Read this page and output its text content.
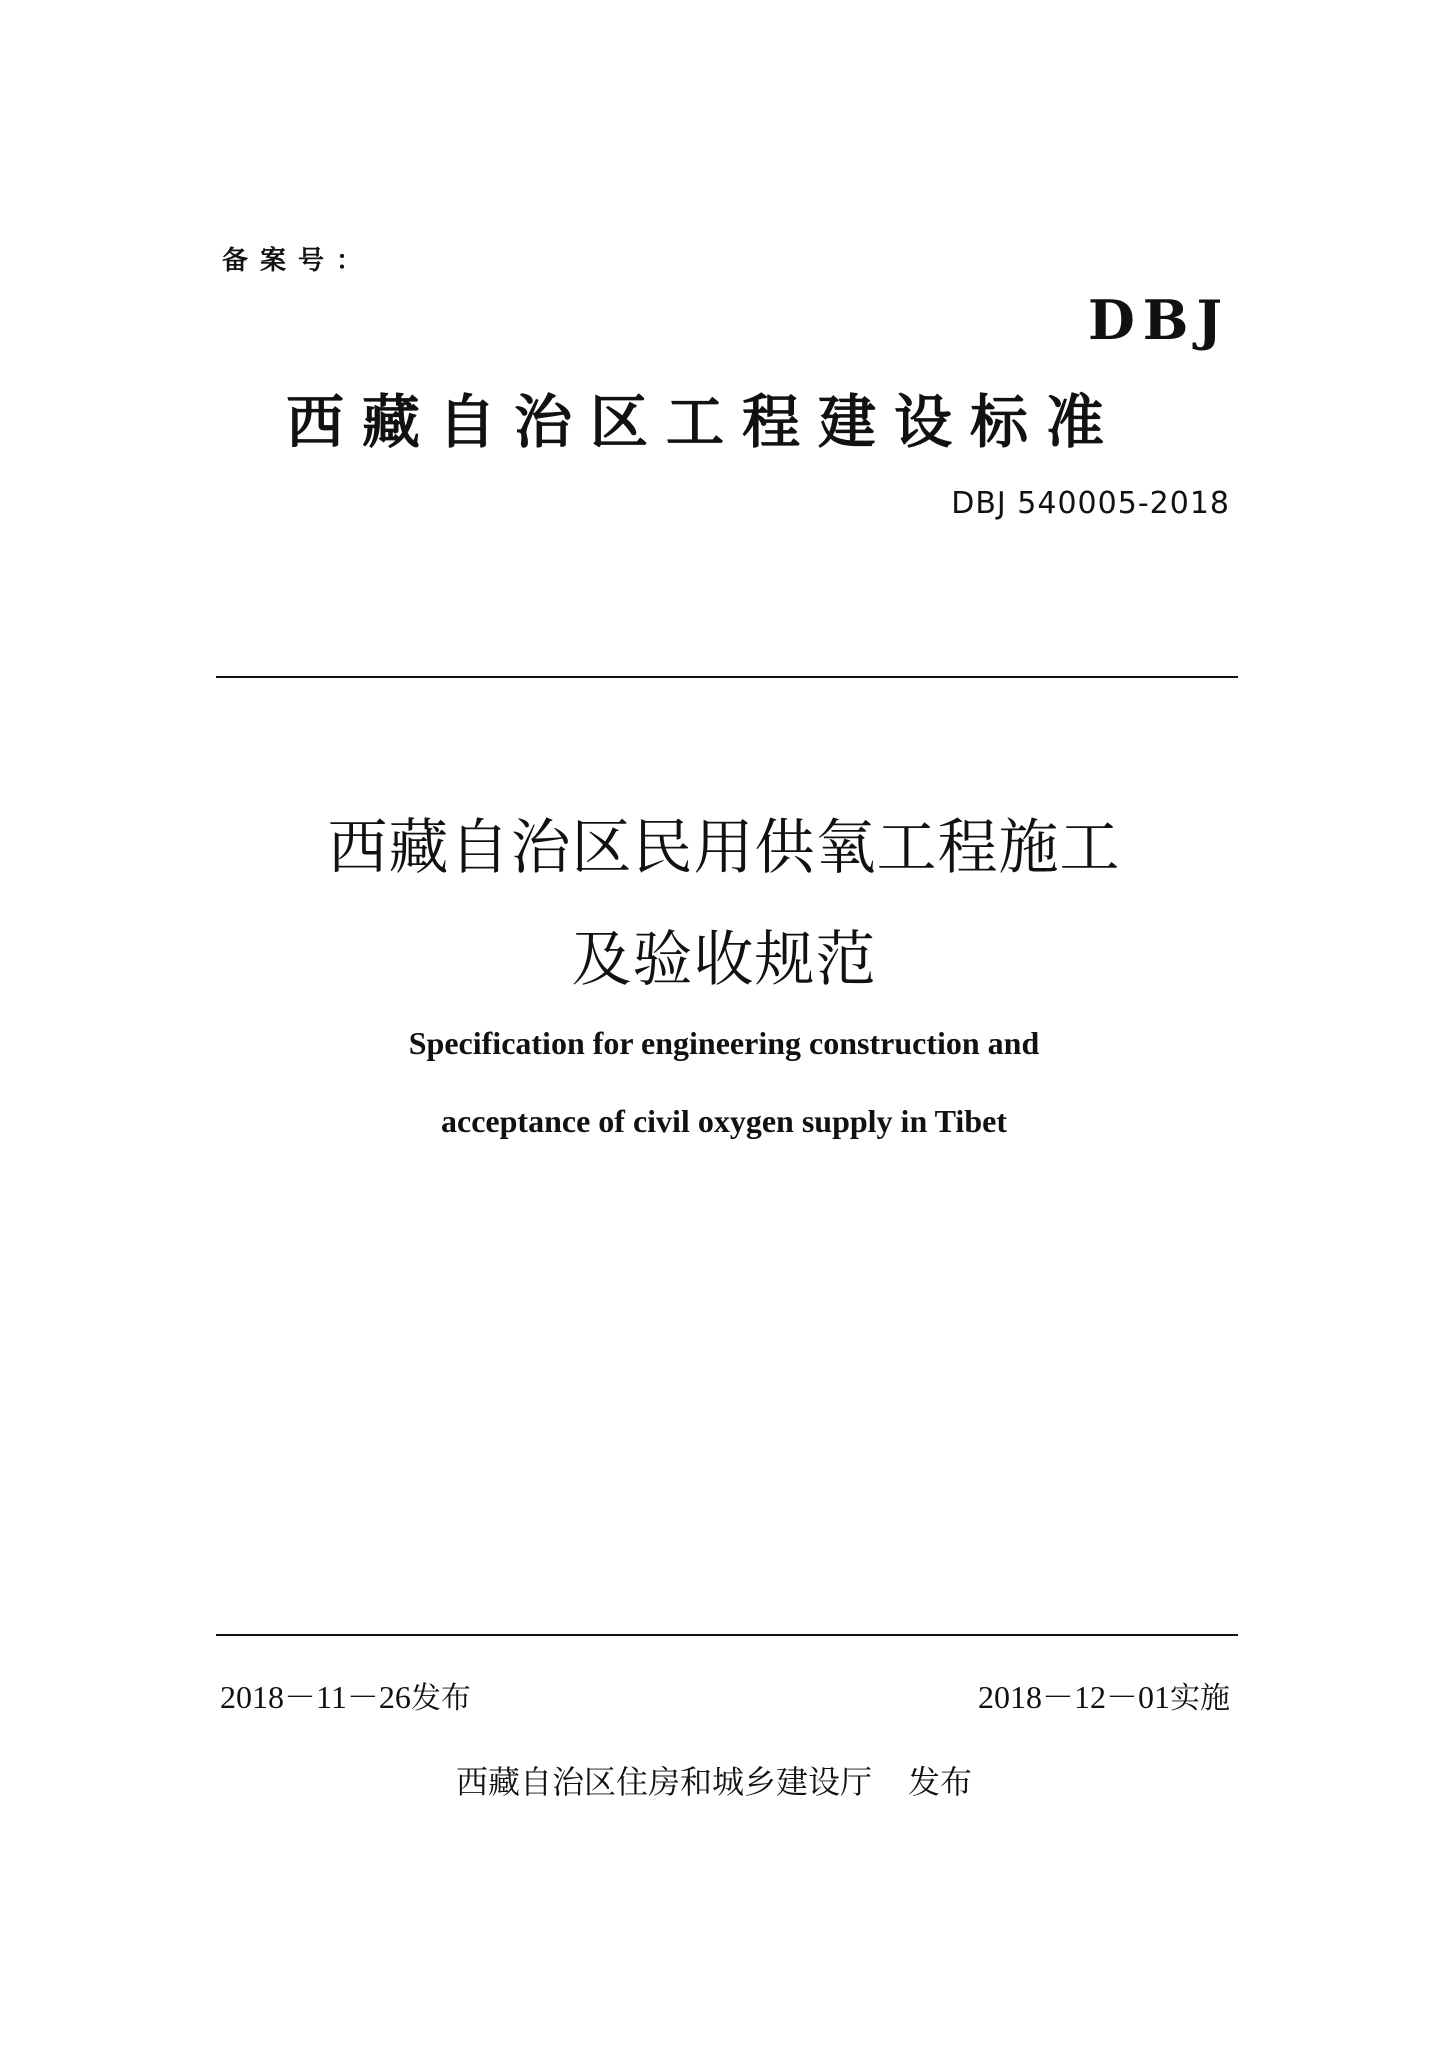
备案号：
DBJ
西藏自治区工程建设标准
DBJ 540005-2018
西藏自治区民用供氧工程施工
及验收规范
Specification for engineering construction and
acceptance of civil oxygen supply in Tibet
2018－11－26发布	2018－12－01实施
西藏自治区住房和城乡建设厅 发布
